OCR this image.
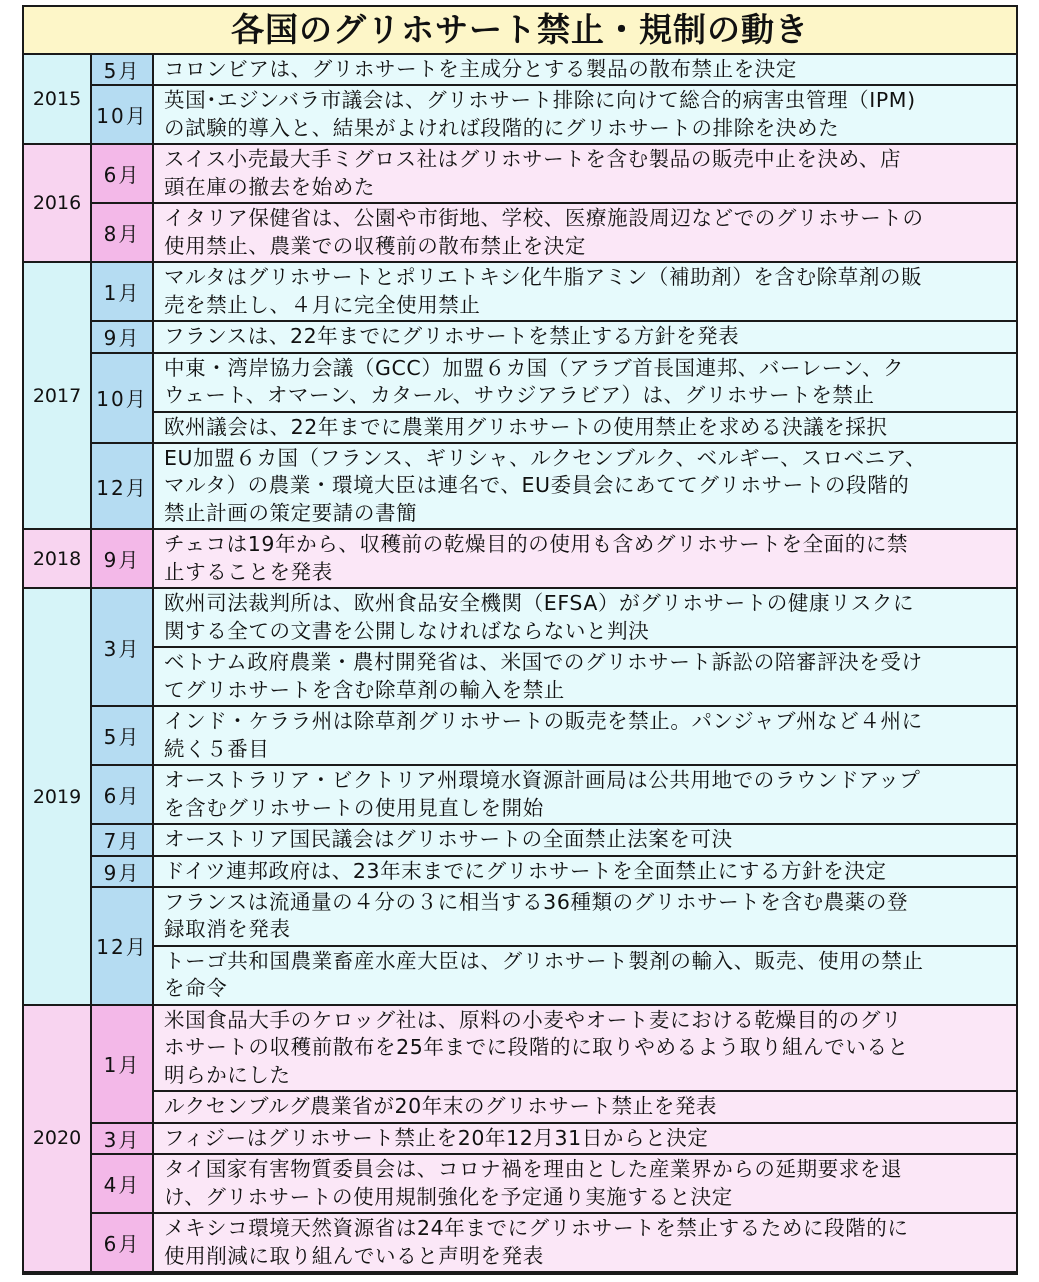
各国のグリホサート禁止・規制の動き
コロンビアは、グリホサートを主成分とする製品の散布禁止を決定
5月
英国･エジンバラ市議会は、グリホサート排除に向けて総合的病害虫管理（IPM)
の試験的導入と、結果がよければ段階的にグリホサートの排除を決めた
10月
2015
スイス小売最大手ミグロス社はグリホサートを含む製品の販売中止を決め、店
頭在庫の撤去を始めた
6月
イタリア保健省は、公園や市街地、学校、医療施設周辺などでのグリホサートの
使用禁止、農業での収穫前の散布禁止を決定
8月
2016
マルタはグリホサートとポリエトキシ化牛脂アミン（補助剤）を含む除草剤の販
売を禁止し、４月に完全使用禁止
1月
フランスは、22年までにグリホサートを禁止する方針を発表
9月
中東・湾岸協力会議（GCC）加盟６カ国（アラブ首長国連邦、バーレーン、ク
ウェート、オマーン、カタール、サウジアラビア）は、グリホサートを禁止
欧州議会は、22年までに農業用グリホサートの使用禁止を求める決議を採択
10月
EU加盟６カ国（フランス、ギリシャ、ルクセンブルク、ベルギー、スロベニア、
マルタ）の農業・環境大臣は連名で、EU委員会にあててグリホサートの段階的
禁止計画の策定要請の書簡
12月
2017
チェコは19年から、収穫前の乾燥目的の使用も含めグリホサートを全面的に禁
止することを発表
9月
2018
欧州司法裁判所は、欧州食品安全機関（EFSA）がグリホサートの健康リスクに
関する全ての文書を公開しなければならないと判決
ベトナム政府農業・農村開発省は、米国でのグリホサート訴訟の陪審評決を受け
てグリホサートを含む除草剤の輸入を禁止
3月
インド・ケララ州は除草剤グリホサートの販売を禁止。パンジャブ州など４州に
続く５番目
5月
オーストラリア・ビクトリア州環境水資源計画局は公共用地でのラウンドアップ
を含むグリホサートの使用見直しを開始
6月
オーストリア国民議会はグリホサートの全面禁止法案を可決
7月
ドイツ連邦政府は、23年末までにグリホサートを全面禁止にする方針を決定
9月
フランスは流通量の４分の３に相当する36種類のグリホサートを含む農薬の登
録取消を発表
トーゴ共和国農業畜産水産大臣は、グリホサート製剤の輸入、販売、使用の禁止
を命令
12月
2019
米国食品大手のケロッグ社は、原料の小麦やオート麦における乾燥目的のグリ
ホサートの収穫前散布を25年までに段階的に取りやめるよう取り組んでいると
明らかにした
ルクセンブルグ農業省が20年末のグリホサート禁止を発表
1月
フィジーはグリホサート禁止を20年12月31日からと決定
3月
タイ国家有害物質委員会は、コロナ禍を理由とした産業界からの延期要求を退
け、グリホサートの使用規制強化を予定通り実施すると決定
4月
メキシコ環境天然資源省は24年までにグリホサートを禁止するために段階的に
使用削減に取り組んでいると声明を発表
6月
2020
